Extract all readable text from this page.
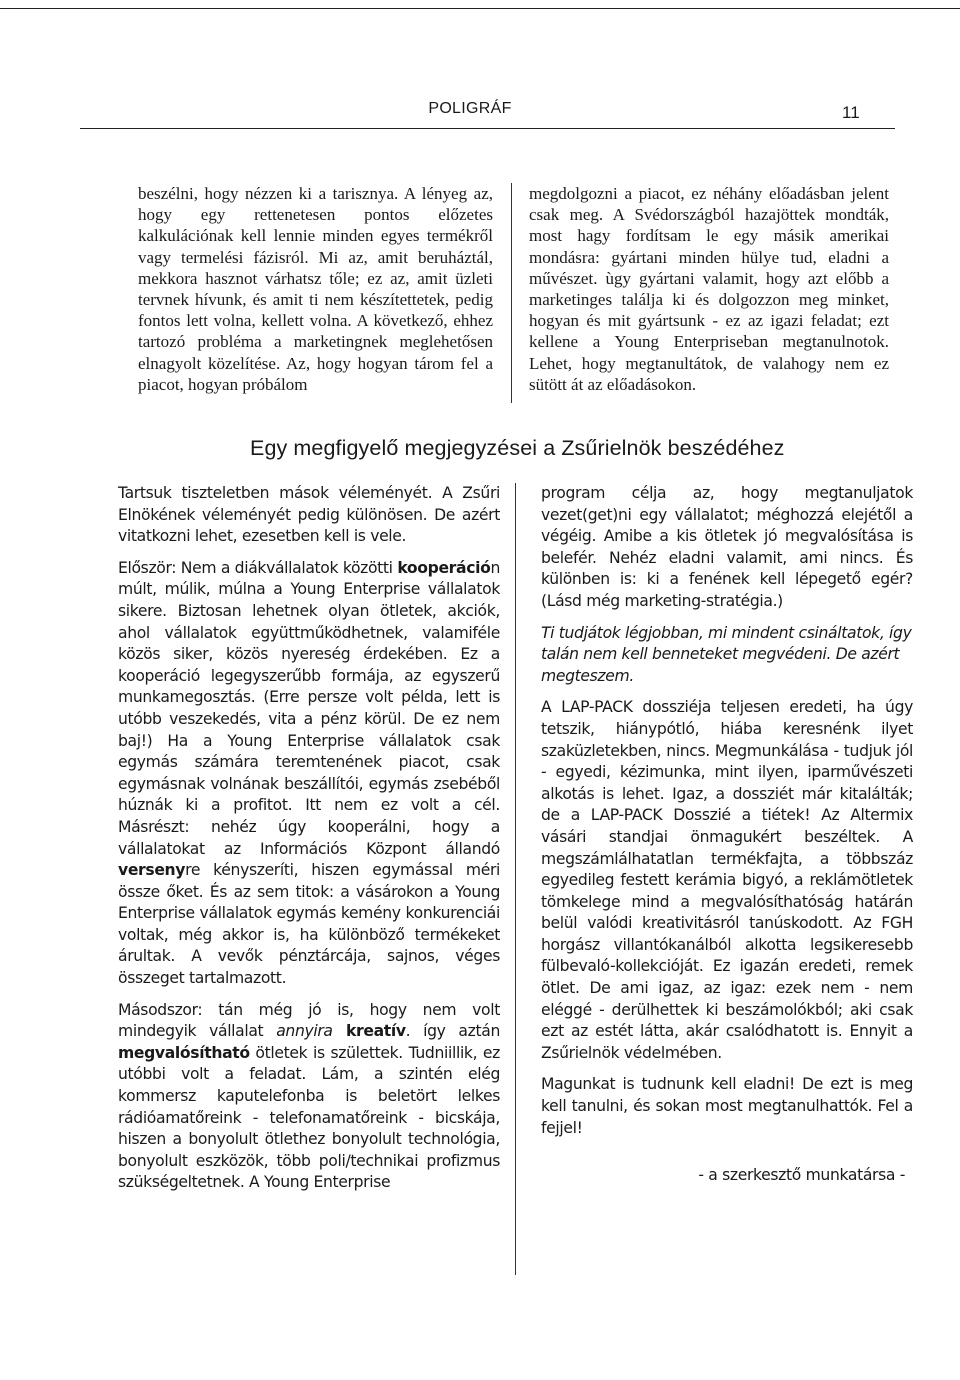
POLIGRÁF	11
beszélni, hogy nézzen ki a tarisznya. A lényeg az, hogy egy rettenetesen pontos előzetes kalkulációnak kell lennie minden egyes termékről vagy termelési fázisról. Mi az, amit beruháztál, mekkora hasznot várhatsz tőle; ez az, amit üzleti tervnek hívunk, és amit ti nem készítettetek, pedig fontos lett volna, kellett volna. A következő, ehhez tartozó probléma a marketingnek meglehetősen elnagyolt közelítése. Az, hogy hogyan tárom fel a piacot, hogyan próbálom
megdolgozni a piacot, ez néhány előadásban jelent csak meg. A Svédországból hazajöttek mondták, most hagy fordítsam le egy másik amerikai mondásra: gyártani minden hülye tud, eladni a művészet. ùgy gyártani valamit, hogy azt előbb a marketinges találja ki és dolgozzon meg minket, hogyan és mit gyártsunk - ez az igazi feladat; ezt kellene a Young Enterpriseban megtanulnotok. Lehet, hogy megtanultátok, de valahogy nem ez sütött át az előadásokon.
Egy megfigyelő megjegyzései a Zsűrielnök beszédéhez

Tartsuk tiszteletben mások véleményét. A Zsűri Elnökének véleményét pedig különösen. De azért vitatkozni lehet, ezesetben kell is vele.

Először: Nem a diákvállalatok közötti kooperáción múlt, múlik, múlna a Young Enterprise vállalatok sikere. Biztosan lehetnek olyan ötletek, akciók, ahol vállalatok együttműködhetnek, valamiféle közös siker, közös nyereség érdekében. Ez a kooperáció legegyszerűbb formája, az egyszerű munkamegosztás. (Erre persze volt példa, lett is utóbb veszekedés, vita a pénz körül. De ez nem baj!) Ha a Young Enterprise vállalatok csak egymás számára teremtenének piacot, csak egymásnak volnának beszállítói, egymás zsebéből húznák ki a profitot. Itt nem ez volt a cél. Másrészt: nehéz úgy kooperálni, hogy a vállalatokat az Információs Központ állandó versenyre kényszeríti, hiszen egymással méri össze őket. És az sem titok: a vásárokon a Young Enterprise vállalatok egymás kemény konkurenciái voltak, még akkor is, ha különböző termékeket árultak. A vevők pénztárcája, sajnos, véges összeget tartalmazott.

Másodszor: tán még jó is, hogy nem volt mindegyik vállalat annyira kreatív. így aztán megvalósítható ötletek is születtek. Tudniillik, ez utóbbi volt a feladat. Lám, a szintén elég kommersz kaputelefonba is beletört lelkes rádióamatőreink - telefonamatőreink - bicskája, hiszen a bonyolult ötlethez bonyolult technológia, bonyolult eszközök, több poli/technikai profizmus szükségeltetnek. A Young Enterprise

program célja az, hogy megtanuljatok vezet(get)ni egy vállalatot; méghozzá elejétől a végéig. Amibe a kis ötletek jó megvalósítása is belefér. Nehéz eladni valamit, ami nincs. És különben is: ki a fenének kell lépegető egér? (Lásd még marketing-stratégia.)

Ti tudjátok légjobban, mi mindent csináltatok, így talán nem kell benneteket megvédeni. De azért megteszem.

A LAP-PACK dossziéja teljesen eredeti, ha úgy tetszik, hiánypótló, hiába keresnénk ilyet szaküzletekben, nincs. Megmunkálása - tudjuk jól - egyedi, kézimunka, mint ilyen, iparművészeti alkotás is lehet. Igaz, a dossziét már kitalálták; de a LAP-PACK Dosszié a tiétek! Az Altermix vásári standjai önmagukért beszéltek. A megszámlálhatatlan termékfajta, a többszáz egyedileg festett kerámia bigyó, a reklámötletek tömkelege mind a megvalósíthatóság határán belül valódi kreativitásról tanúskodott. Az FGH horgász villantókanálból alkotta legsikeresebb fülbevaló-kollekcióját. Ez igazán eredeti, remek ötlet. De ami igaz, az igaz: ezek nem - nem eléggé - derülhettek ki beszámolókból; aki csak ezt az estét látta, akár csalódhatott is. Ennyit a Zsűrielnök védelmében.

Magunkat is tudnunk kell eladni! De ezt is meg kell tanulni, és sokan most megtanulhattók. Fel a fejjel!

- a szerkesztő munkatársa -
